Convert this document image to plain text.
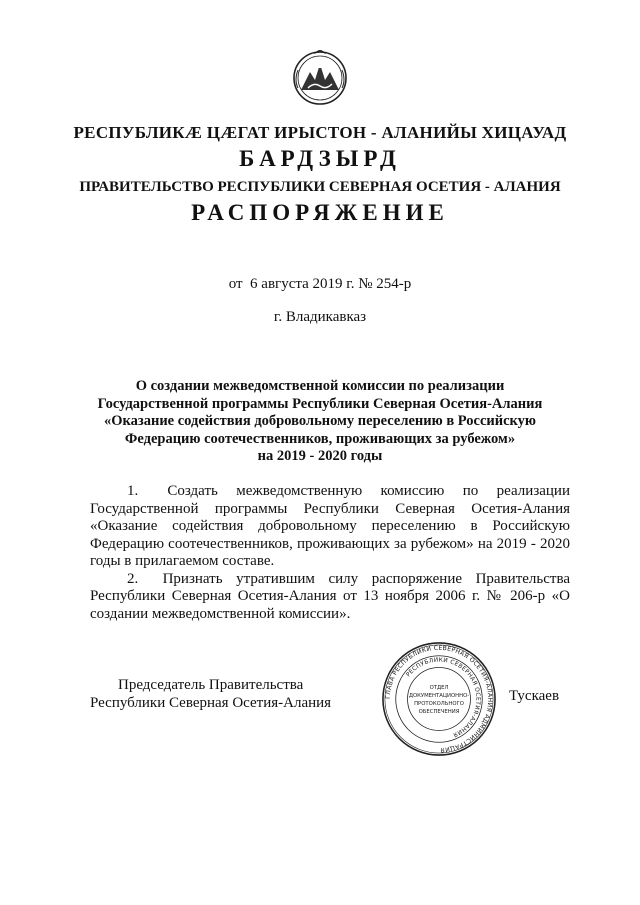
РЕСПУБЛИКÆ ЦÆГАТ ИРЫСТОН - АЛАНИЙЫ ХИЦАУАД
БАРДЗЫРД
ПРАВИТЕЛЬСТВО РЕСПУБЛИКИ СЕВЕРНАЯ ОСЕТИЯ - АЛАНИЯ
РАСПОРЯЖЕНИЕ
от  6 августа 2019 г. № 254-р
г. Владикавказ
О создании межведомственной комиссии по реализации
Государственной программы Республики Северная Осетия-Алания
«Оказание содействия добровольному переселению в Российскую
Федерацию соотечественников, проживающих за рубежом»
на 2019 - 2020 годы

1. Создать межведомственную комиссию по реализации Государственной программы Республики Северная Осетия-Алания «Оказание содействия добровольному переселению в Российскую Федерацию соотечественников, проживающих за рубежом» на 2019 - 2020 годы в прилагаемом составе.

2. Признать утратившим силу распоряжение Правительства Республики Северная Осетия-Алания от 13 ноября 2006 г. № 206-р «О создании межведомственной комиссии».

Председатель Правительства
Республики Северная Осетия-Алания	Тускаев
ГЛАВА РЕСПУБЛИКИ СЕВЕРНАЯ ОСЕТИЯ-АЛАНИЯ АДМИНИСТРАЦИЯ
РЕСПУБЛИКИ СЕВЕРНАЯ ОСЕТИЯ-АЛАНИЯ
ОТДЕЛ
ДОКУМЕНТАЦИОННО-
ПРОТОКОЛЬНОГО
ОБЕСПЕЧЕНИЯ
